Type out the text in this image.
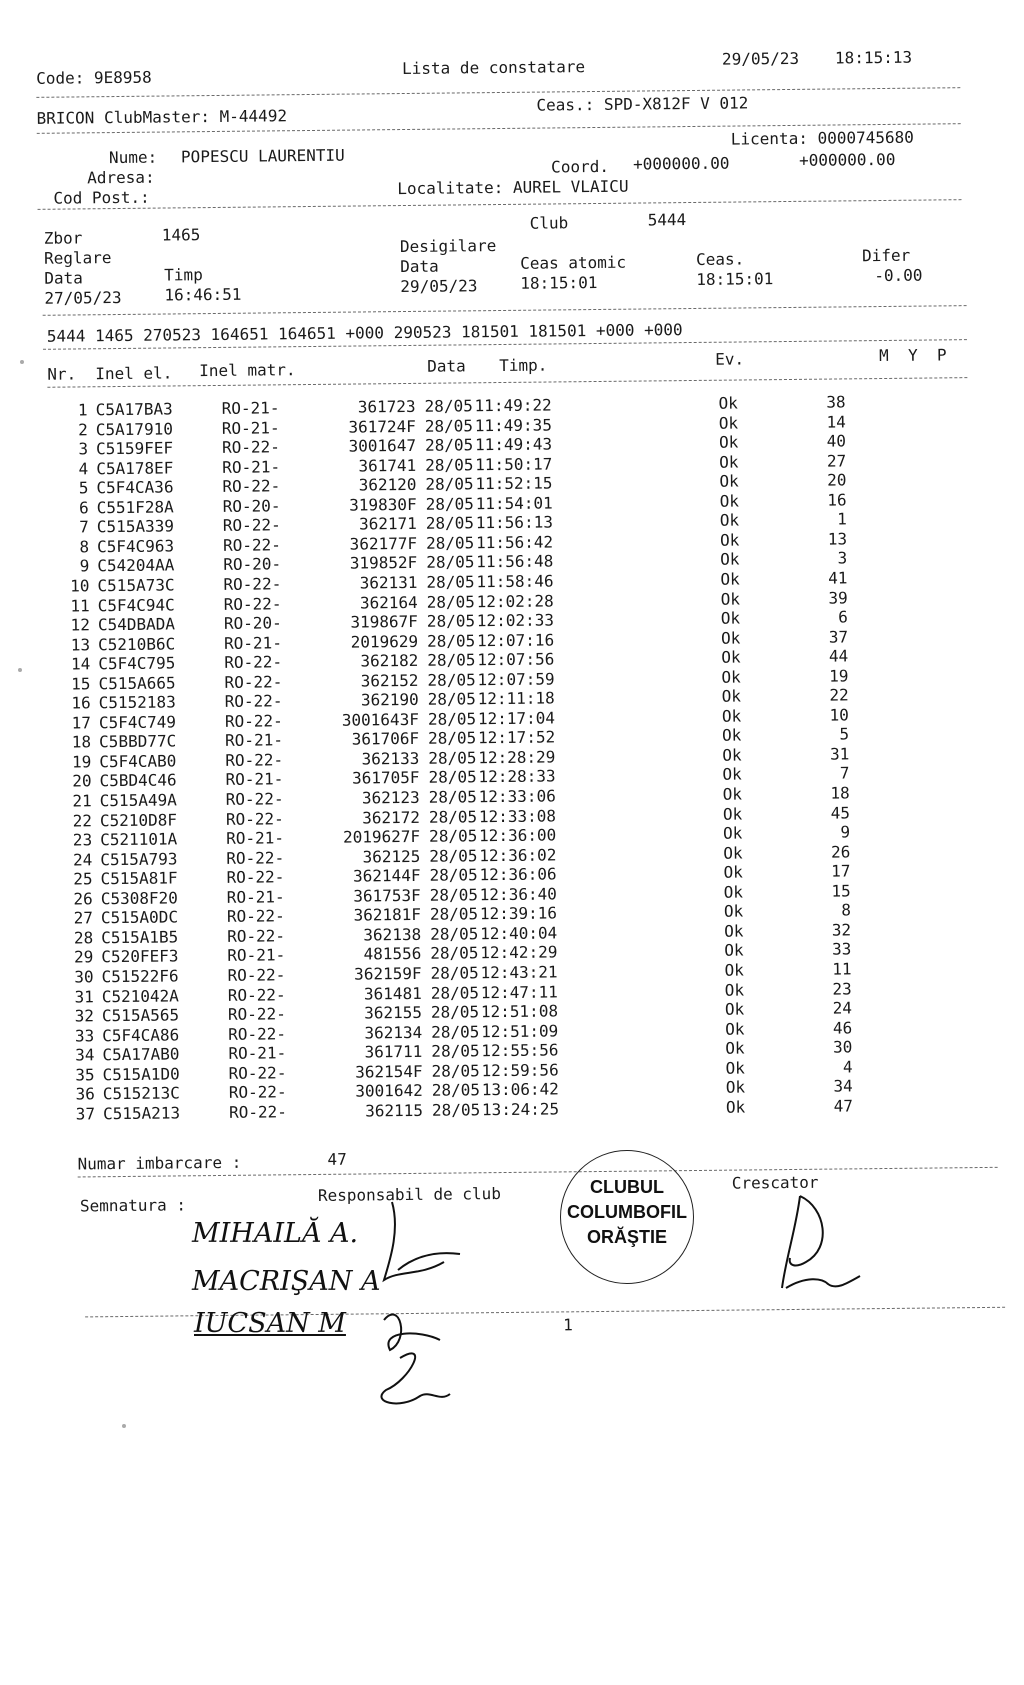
Code: 9E8958	Lista de constatare	29/05/23 18:15:13
BRICON ClubMaster: M-44492
Ceas.: SPD-X812F V 012
Nume: POPESCU LAURENTIU
Licenta: 0000745680
Adresa:
Coord. +000000.00	+000000.00
Cod Post.:	Localitate: AUREL VLAICU
Zbor	1465
Club	5444
Reglare
Desigilare
Data	Timp	Data	Ceas atomic	Ceas.	Difer
27/05/23	16:46:51	29/05/23	18:15:01	18:15:01	-0.00
5444 1465 270523 164651 164651 +000 290523 181501 181501 +000 +000
Nr. Inel el. Inel matr.	Data Timp.	Ev.	M  Y  P
1 C5A17BA3	RO-21-	361723 28/05 11:49:22	Ok	38
2 C5A17910	RO-21-	361724F 28/05 11:49:35	Ok	14
3 C5159FEF	RO-22-	3001647 28/05 11:49:43	Ok	40
4 C5A178EF	RO-21-	361741 28/05 11:50:17	Ok	27
5 C5F4CA36	RO-22-	362120 28/05 11:52:15	Ok	20
6 C551F28A	RO-20-	319830F 28/05 11:54:01	Ok	16
7 C515A339	RO-22-	362171 28/05 11:56:13	Ok	1
8 C5F4C963	RO-22-	362177F 28/05 11:56:42	Ok	13
9 C54204AA	RO-20-	319852F 28/05 11:56:48	Ok	3
10 C515A73C	RO-22-	362131 28/05 11:58:46	Ok	41
11 C5F4C94C	RO-22-	362164 28/05 12:02:28	Ok	39
12 C54DBADA	RO-20-	319867F 28/05 12:02:33	Ok	6
13 C5210B6C	RO-21-	2019629 28/05 12:07:16	Ok	37
14 C5F4C795	RO-22-	362182 28/05 12:07:56	Ok	44
15 C515A665	RO-22-	362152 28/05 12:07:59	Ok	19
16 C5152183	RO-22-	362190 28/05 12:11:18	Ok	22
17 C5F4C749	RO-22-	3001643F 28/05 12:17:04	Ok	10
18 C5BBD77C	RO-21-	361706F 28/05 12:17:52	Ok	5
19 C5F4CAB0	RO-22-	362133 28/05 12:28:29	Ok	31
20 C5BD4C46	RO-21-	361705F 28/05 12:28:33	Ok	7
21 C515A49A	RO-22-	362123 28/05 12:33:06	Ok	18
22 C5210D8F	RO-22-	362172 28/05 12:33:08	Ok	45
23 C521101A	RO-21-	2019627F 28/05 12:36:00	Ok	9
24 C515A793	RO-22-	362125 28/05 12:36:02	Ok	26
25 C515A81F	RO-22-	362144F 28/05 12:36:06	Ok	17
26 C5308F20	RO-21-	361753F 28/05 12:36:40	Ok	15
27 C515A0DC	RO-22-	362181F 28/05 12:39:16	Ok	8
28 C515A1B5	RO-22-	362138 28/05 12:40:04	Ok	32
29 C520FEF3	RO-21-	481556 28/05 12:42:29	Ok	33
30 C51522F6	RO-22-	362159F 28/05 12:43:21	Ok	11
31 C521042A	RO-22-	361481 28/05 12:47:11	Ok	23
32 C515A565	RO-22-	362155 28/05 12:51:08	Ok	24
33 C5F4CA86	RO-22-	362134 28/05 12:51:09	Ok	46
34 C5A17AB0	RO-21-	361711 28/05 12:55:56	Ok	30
35 C515A1D0	RO-22-	362154F 28/05 12:59:56	Ok	4
36 C515213C	RO-22-	3001642 28/05 13:06:42	Ok	34
37 C515A213	RO-22-	362115 28/05 13:24:25	Ok	47
Numar imbarcare :	47
Semnatura :
Responsabil de club
Crescator
1
MIHAILĂ A.
MACRIŞAN A
IUCSAN M
CLUBUL
COLUMBOFIL
ORĂŞTIE
